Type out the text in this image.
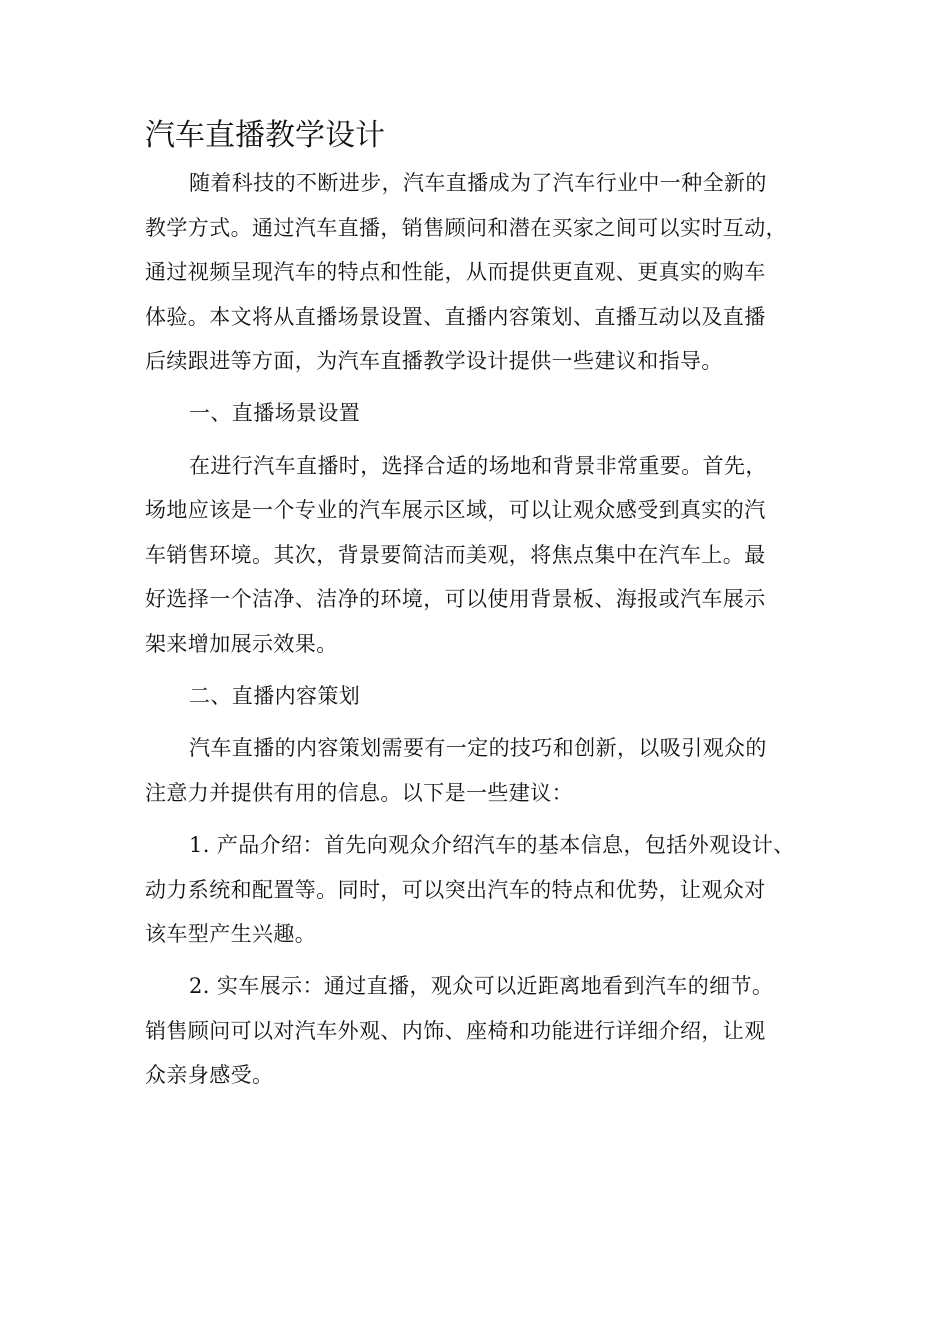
汽车直播教学设计
随着科技的不断进步，汽车直播成为了汽车行业中一种全新的
教学方式。通过汽车直播，销售顾问和潜在买家之间可以实时互动，
通过视频呈现汽车的特点和性能，从而提供更直观、更真实的购车
体验。本文将从直播场景设置、直播内容策划、直播互动以及直播
后续跟进等方面，为汽车直播教学设计提供一些建议和指导。
一、直播场景设置
在进行汽车直播时，选择合适的场地和背景非常重要。首先，
场地应该是一个专业的汽车展示区域，可以让观众感受到真实的汽
车销售环境。其次，背景要简洁而美观，将焦点集中在汽车上。最
好选择一个洁净、洁净的环境，可以使用背景板、海报或汽车展示
架来增加展示效果。
二、直播内容策划
汽车直播的内容策划需要有一定的技巧和创新，以吸引观众的
注意力并提供有用的信息。以下是一些建议：
1. 产品介绍：首先向观众介绍汽车的基本信息，包括外观设计、
动力系统和配置等。同时，可以突出汽车的特点和优势，让观众对
该车型产生兴趣。
2. 实车展示：通过直播，观众可以近距离地看到汽车的细节。
销售顾问可以对汽车外观、内饰、座椅和功能进行详细介绍，让观
众亲身感受。
